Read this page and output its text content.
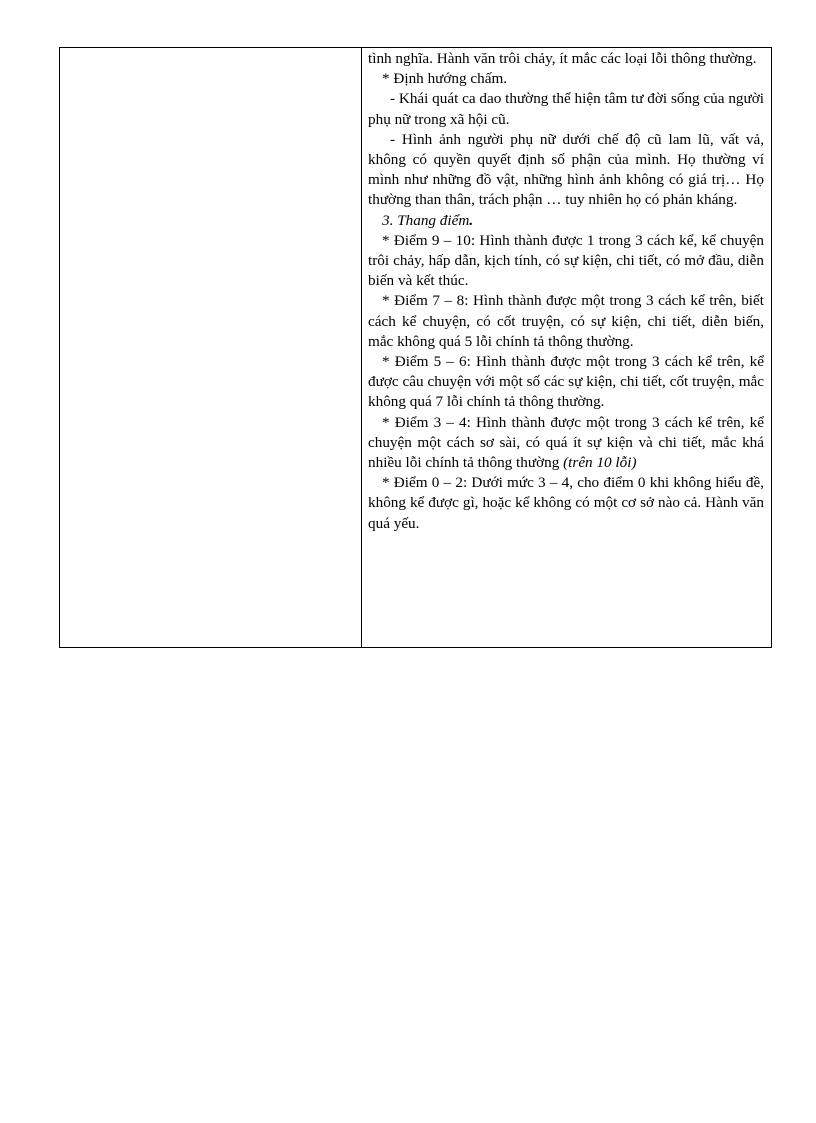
tình nghĩa. Hành văn trôi chảy, ít mắc các loại lỗi thông thường.

* Định hướng chấm.

- Khái quát ca dao thường thể hiện tâm tư đời sống của người phụ nữ trong xã hội cũ.

- Hình ảnh người phụ nữ dưới chế độ cũ lam lũ, vất vả, không có quyền quyết định số phận của mình. Họ thường ví mình như những đồ vật, những hình ảnh không có giá trị… Họ thường than thân, trách phận … tuy nhiên họ có phản kháng.

3. Thang điểm.

* Điểm 9 – 10: Hình thành được 1 trong 3 cách kể, kể chuyện trôi chảy, hấp dẫn, kịch tính, có sự kiện, chi tiết, có mở đầu, diễn biến và kết thúc.

* Điểm 7 – 8: Hình thành được một trong 3 cách kể trên, biết cách kể chuyện, có cốt truyện, có sự kiện, chi tiết, diễn biến, mắc không quá 5 lỗi chính tả thông thường.

* Điểm 5 – 6: Hình thành được một trong 3 cách kể trên, kể được câu chuyện với một số các sự kiện, chi tiết, cốt truyện, mắc không quá 7 lỗi chính tả thông thường.

* Điểm 3 – 4: Hình thành được một trong 3 cách kể trên, kể chuyện một cách sơ sài, có quá ít sự kiện và chi tiết, mắc khá nhiều lỗi chính tả thông thường (trên 10 lỗi)

* Điểm 0 – 2: Dưới mức 3 – 4, cho điểm 0 khi không hiểu đề, không kể được gì, hoặc kể không có một cơ sở nào cả. Hành văn quá yếu.
